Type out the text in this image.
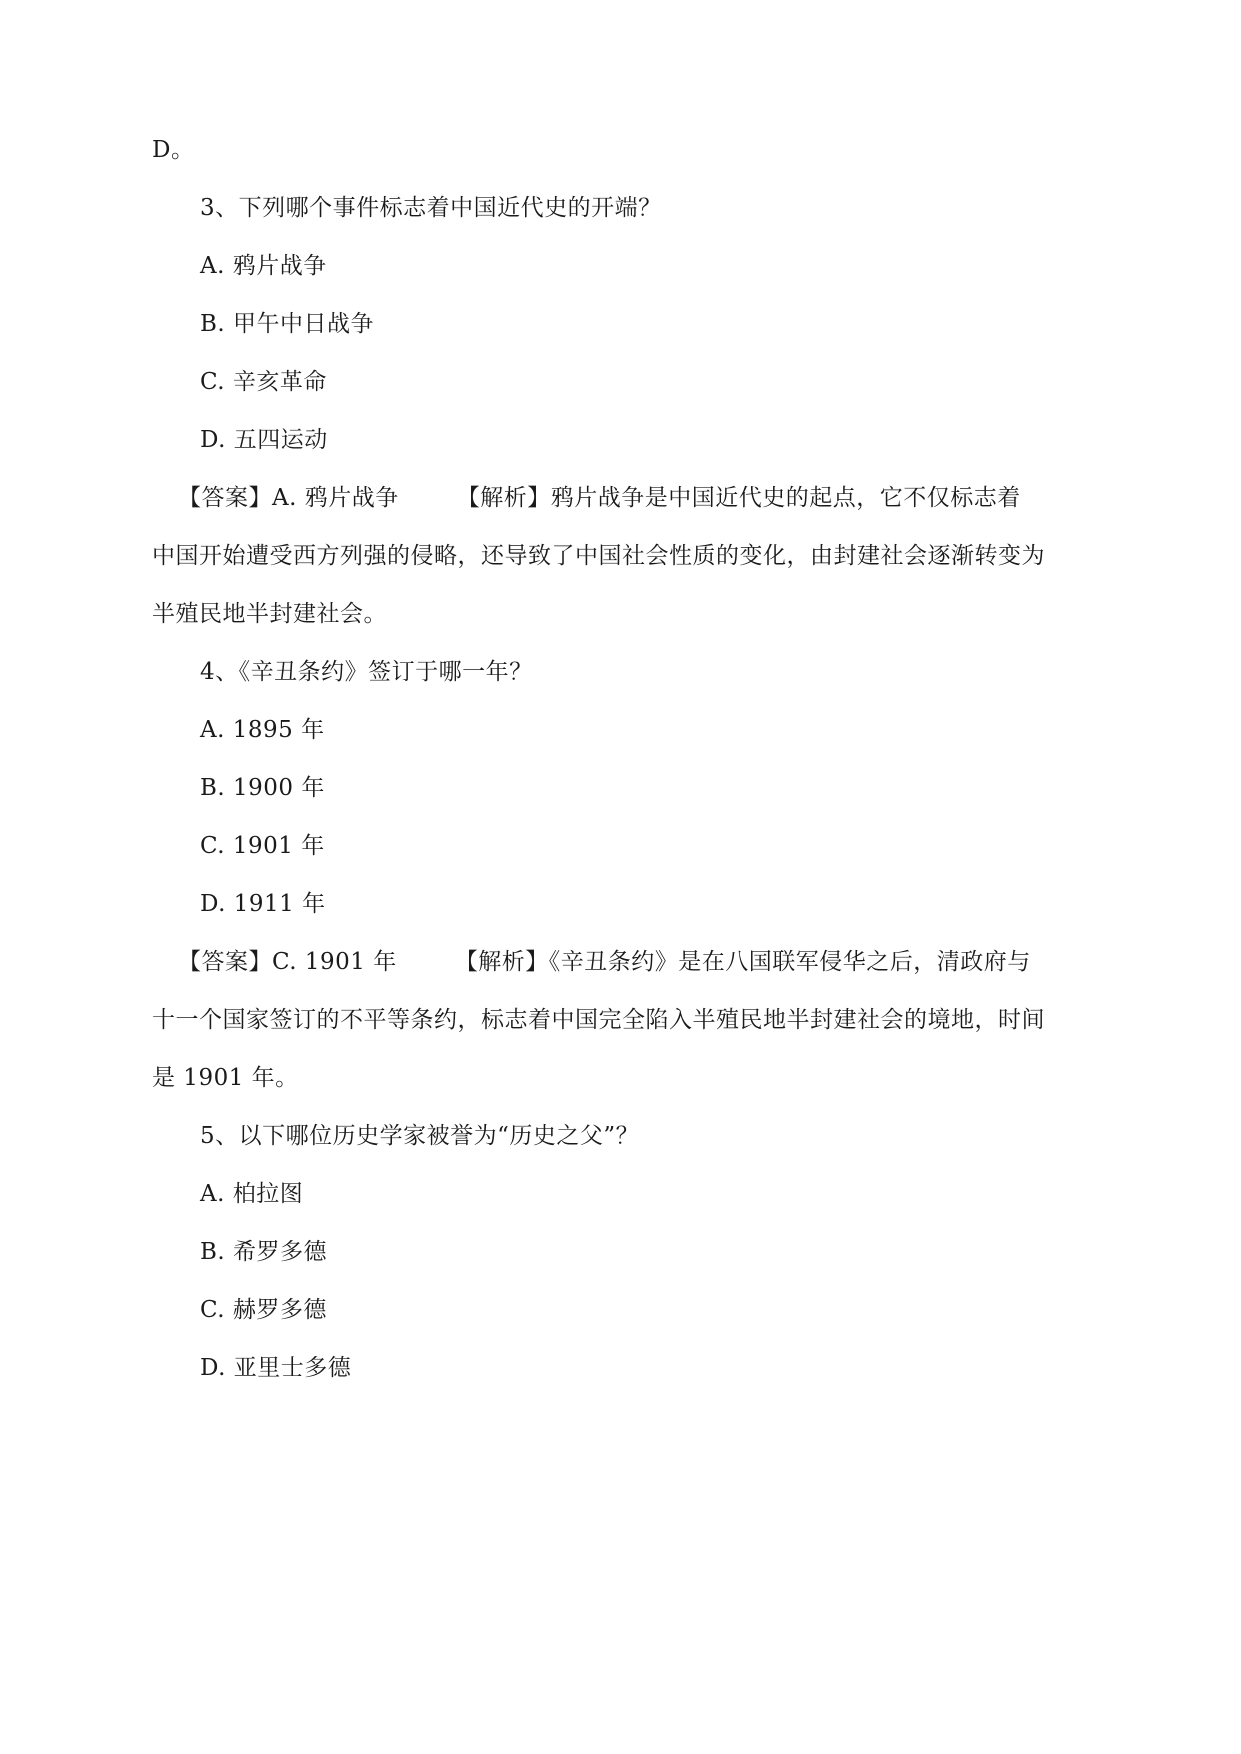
D。
3、下列哪个事件标志着中国近代史的开端？
A. 鸦片战争
B. 甲午中日战争
C. 辛亥革命
D. 五四运动
【答案】A. 鸦片战争	【解析】鸦片战争是中国近代史的起点，它不仅标志着
中国开始遭受西方列强的侵略，还导致了中国社会性质的变化，由封建社会逐渐转变为
半殖民地半封建社会。
4、《辛丑条约》签订于哪一年？
A. 1895 年
B. 1900 年
C. 1901 年
D. 1911 年
【答案】C. 1901 年	【解析】《辛丑条约》是在八国联军侵华之后，清政府与
十一个国家签订的不平等条约，标志着中国完全陷入半殖民地半封建社会的境地，时间
是 1901 年。
5、以下哪位历史学家被誉为“历史之父”？
A. 柏拉图
B. 希罗多德
C. 赫罗多德
D. 亚里士多德
